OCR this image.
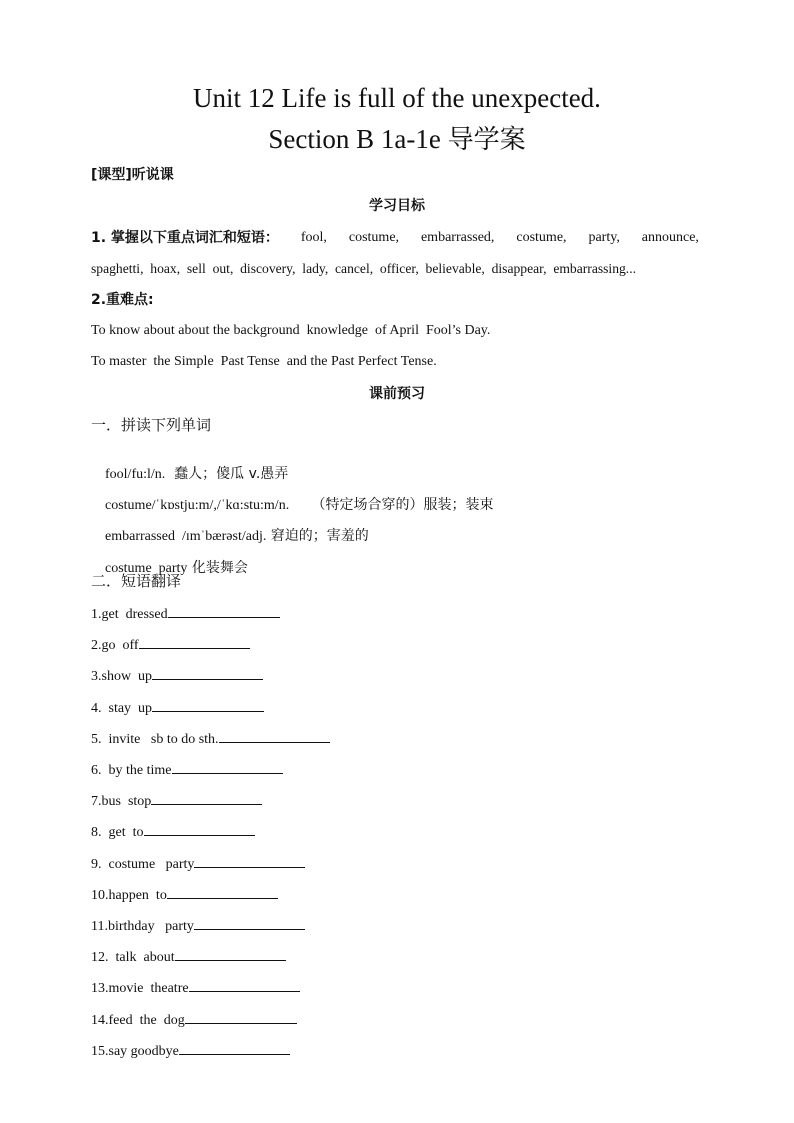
Unit 12 Life is full of the unexpected.
Section B 1a-1e 导学案
[课型]听说课
学习目标
1. 掌握以下重点词汇和短语： fool, costume, embarrassed, costume, party, announce,
spaghetti,  hoax,  sell  out,  discovery,  lady,  cancel,  officer,  believable,  disappear,  embarrassing...
2.重难点:
To know about about the background  knowledge  of April  Fool’s Day.
To master  the Simple  Past Tense  and the Past Perfect Tense.
课前预习
一．拼读下列单词

fool/fu:l/n.  蠢人；傻瓜 v.愚弄

costume/ˈkɒstju:m/,/ˈkɑ:stu:m/n.     （特定场合穿的）服装；装束

embarrassed  /ɪmˈbærəst/adj. 窘迫的；害羞的

costume  party 化装舞会

二．短语翻译
1.get  dressed
2.go  off
3.show  up
4.  stay  up
5.  invite   sb to do sth.
6.  by the time
7.bus  stop
8.  get  to
9.  costume   party
10.happen  to
11.birthday   party
12.  talk  about
13.movie  theatre
14.feed  the  dog
15.say goodbye
